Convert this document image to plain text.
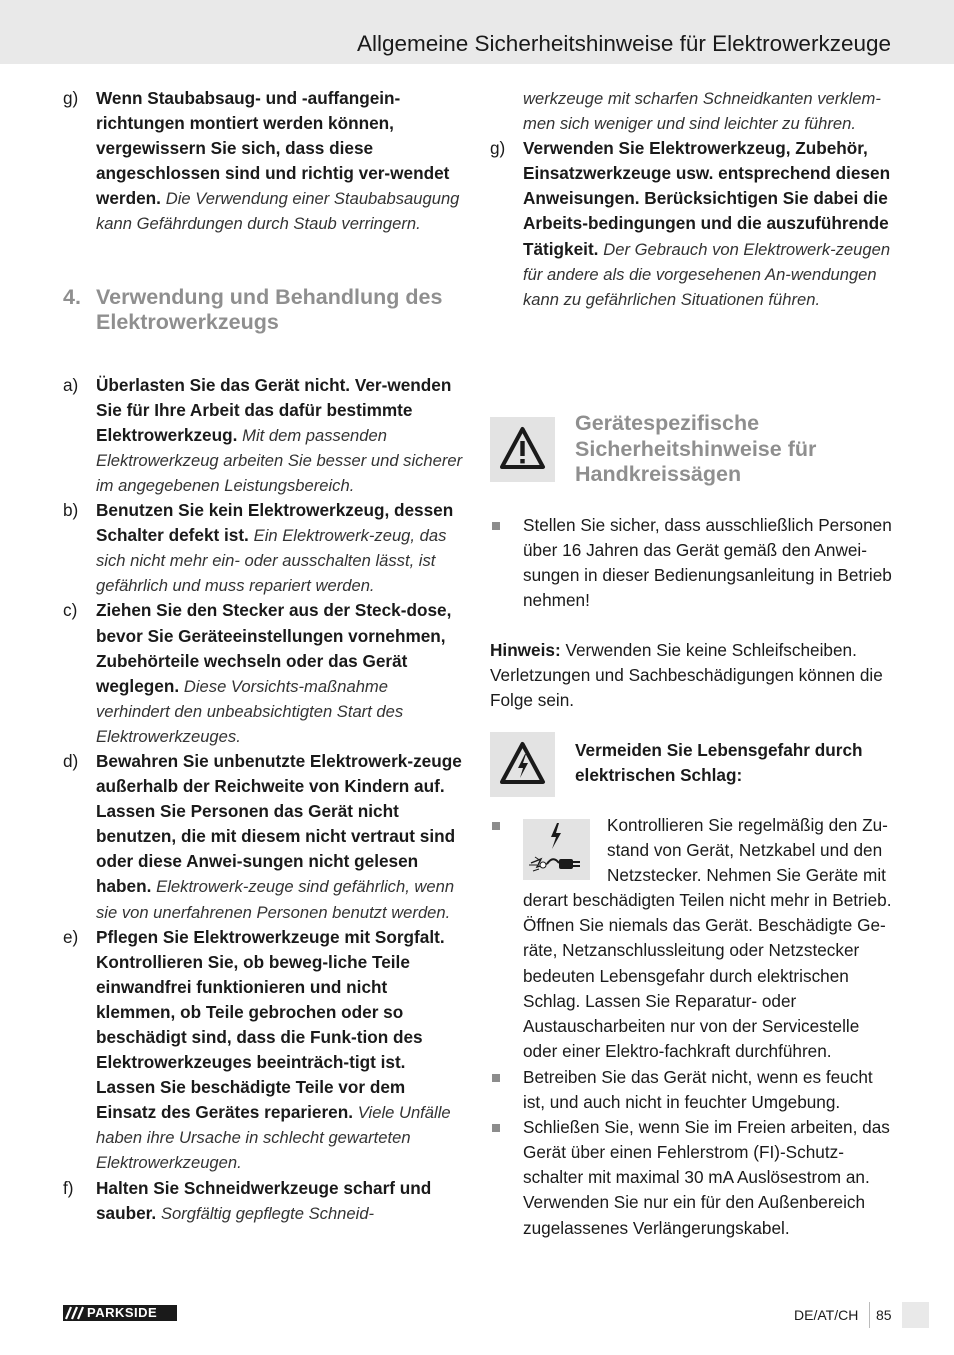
Allgemeine Sicherheitshinweise für Elektrowerkzeuge
g) Wenn Staubabsaug- und -auffangein-richtungen montiert werden können, vergewissern Sie sich, dass diese angeschlossen sind und richtig ver-wendet werden. Die Verwendung einer Staubabsaugung kann Gefährdungen durch Staub verringern.
4. Verwendung und Behandlung des Elektrowerkzeugs
a) Überlasten Sie das Gerät nicht. Ver-wenden Sie für Ihre Arbeit das dafür bestimmte Elektrowerkzeug. Mit dem passenden Elektrowerkzeug arbeiten Sie besser und sicherer im angegebenen Leistungsbereich.
b) Benutzen Sie kein Elektrowerkzeug, dessen Schalter defekt ist. Ein Elektrowerk-zeug, das sich nicht mehr ein- oder ausschalten lässt, ist gefährlich und muss repariert werden.
c) Ziehen Sie den Stecker aus der Steck-dose, bevor Sie Geräteeinstellungen vornehmen, Zubehörteile wechseln oder das Gerät weglegen. Diese Vorsichts-maßnahme verhindert den unbeabsichtigten Start des Elektrowerkzeuges.
d) Bewahren Sie unbenutzte Elektrowerk-zeuge außerhalb der Reichweite von Kindern auf. Lassen Sie Personen das Gerät nicht benutzen, die mit diesem nicht vertraut sind oder diese Anwei-sungen nicht gelesen haben. Elektrowerk-zeuge sind gefährlich, wenn sie von unerfahrenen Personen benutzt werden.
e) Pflegen Sie Elektrowerkzeuge mit Sorgfalt. Kontrollieren Sie, ob beweg-liche Teile einwandfrei funktionieren und nicht klemmen, ob Teile gebrochen oder so beschädigt sind, dass die Funk-tion des Elektrowerkzeuges beeinträch-tigt ist. Lassen Sie beschädigte Teile vor dem Einsatz des Gerätes reparieren. Viele Unfälle haben ihre Ursache in schlecht gewarteten Elektrowerkzeugen.
f) Halten Sie Schneidwerkzeuge scharf und sauber. Sorgfältig gepflegte Schneid-
werkzeuge mit scharfen Schneidkanten verklem-men sich weniger und sind leichter zu führen.
g) Verwenden Sie Elektrowerkzeug, Zubehör, Einsatzwerkzeuge usw. entsprechend diesen Anweisungen. Berücksichtigen Sie dabei die Arbeits-bedingungen und die auszuführende Tätigkeit. Der Gebrauch von Elektrowerk-zeugen für andere als die vorgesehenen An-wendungen kann zu gefährlichen Situationen führen.
Gerätespezifische Sicherheitshinweise für Handkreissägen
Stellen Sie sicher, dass ausschließlich Personen über 16 Jahren das Gerät gemäß den Anwei-sungen in dieser Bedienungsanleitung in Betrieb nehmen!
Hinweis: Verwenden Sie keine Schleifscheiben. Verletzungen und Sachbeschädigungen können die Folge sein.
Vermeiden Sie Lebensgefahr durch elektrischen Schlag:
Kontrollieren Sie regelmäßig den Zu-stand von Gerät, Netzkabel und den Netzstecker. Nehmen Sie Geräte mit derart beschädigten Teilen nicht mehr in Betrieb. Öffnen Sie niemals das Gerät. Beschädigte Ge-räte, Netzanschlussleitung oder Netzstecker bedeuten Lebensgefahr durch elektrischen Schlag. Lassen Sie Reparatur- oder Austauscharbeiten nur von der Servicestelle oder einer Elektro-fachkraft durchführen.
Betreiben Sie das Gerät nicht, wenn es feucht ist, und auch nicht in feuchter Umgebung.
Schließen Sie, wenn Sie im Freien arbeiten, das Gerät über einen Fehlerstrom (FI)-Schutz-schalter mit maximal 30 mA Auslösestrom an. Verwenden Sie nur ein für den Außenbereich zugelassenes Verlängerungskabel.
PARKSIDE	DE/AT/CH 85
